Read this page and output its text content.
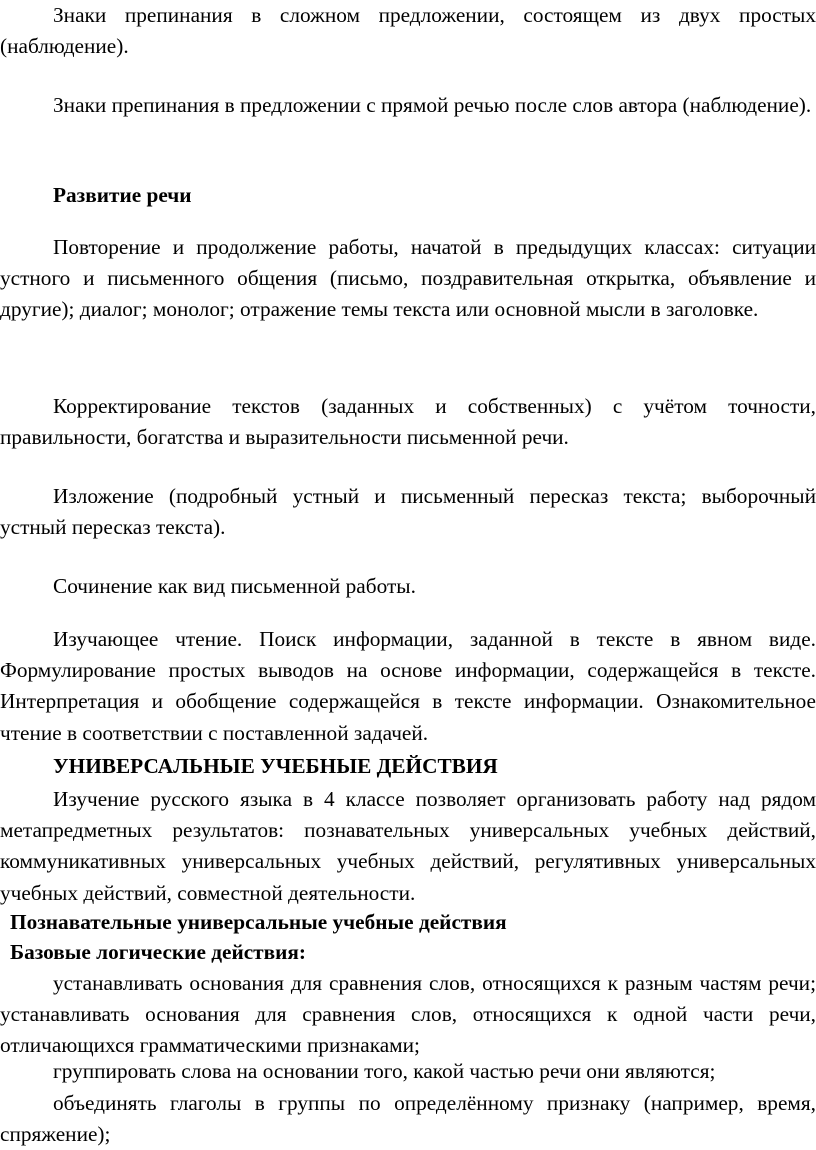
Знаки препинания в сложном предложении, состоящем из двух простых (наблюдение).

Знаки препинания в предложении с прямой речью после слов автора (наблюдение).

Развитие речи

Повторение и продолжение работы, начатой в предыдущих классах: ситуации устного и письменного общения (письмо, поздравительная открытка, объявление и другие); диалог; монолог; отражение темы текста или основной мысли в заголовке.

Корректирование текстов (заданных и собственных) с учётом точности, правильности, богатства и выразительности письменной речи.

Изложение (подробный устный и письменный пересказ текста; выборочный устный пересказ текста).

Сочинение как вид письменной работы.

Изучающее чтение. Поиск информации, заданной в тексте в явном виде. Формулирование простых выводов на основе информации, содержащейся в тексте. Интерпретация и обобщение содержащейся в тексте информации. Ознакомительное чтение в соответствии с поставленной задачей.

УНИВЕРСАЛЬНЫЕ УЧЕБНЫЕ ДЕЙСТВИЯ

Изучение русского языка в 4 классе позволяет организовать работу над рядом метапредметных результатов: познавательных универсальных учебных действий, коммуникативных универсальных учебных действий, регулятивных универсальных учебных действий, совместной деятельности.

Познавательные универсальные учебные действия

Базовые логические действия:

устанавливать основания для сравнения слов, относящихся к разным частям речи; устанавливать основания для сравнения слов, относящихся к одной части речи, отличающихся грамматическими признаками;

группировать слова на основании того, какой частью речи они являются;

объединять глаголы в группы по определённому признаку (например, время, спряжение);
